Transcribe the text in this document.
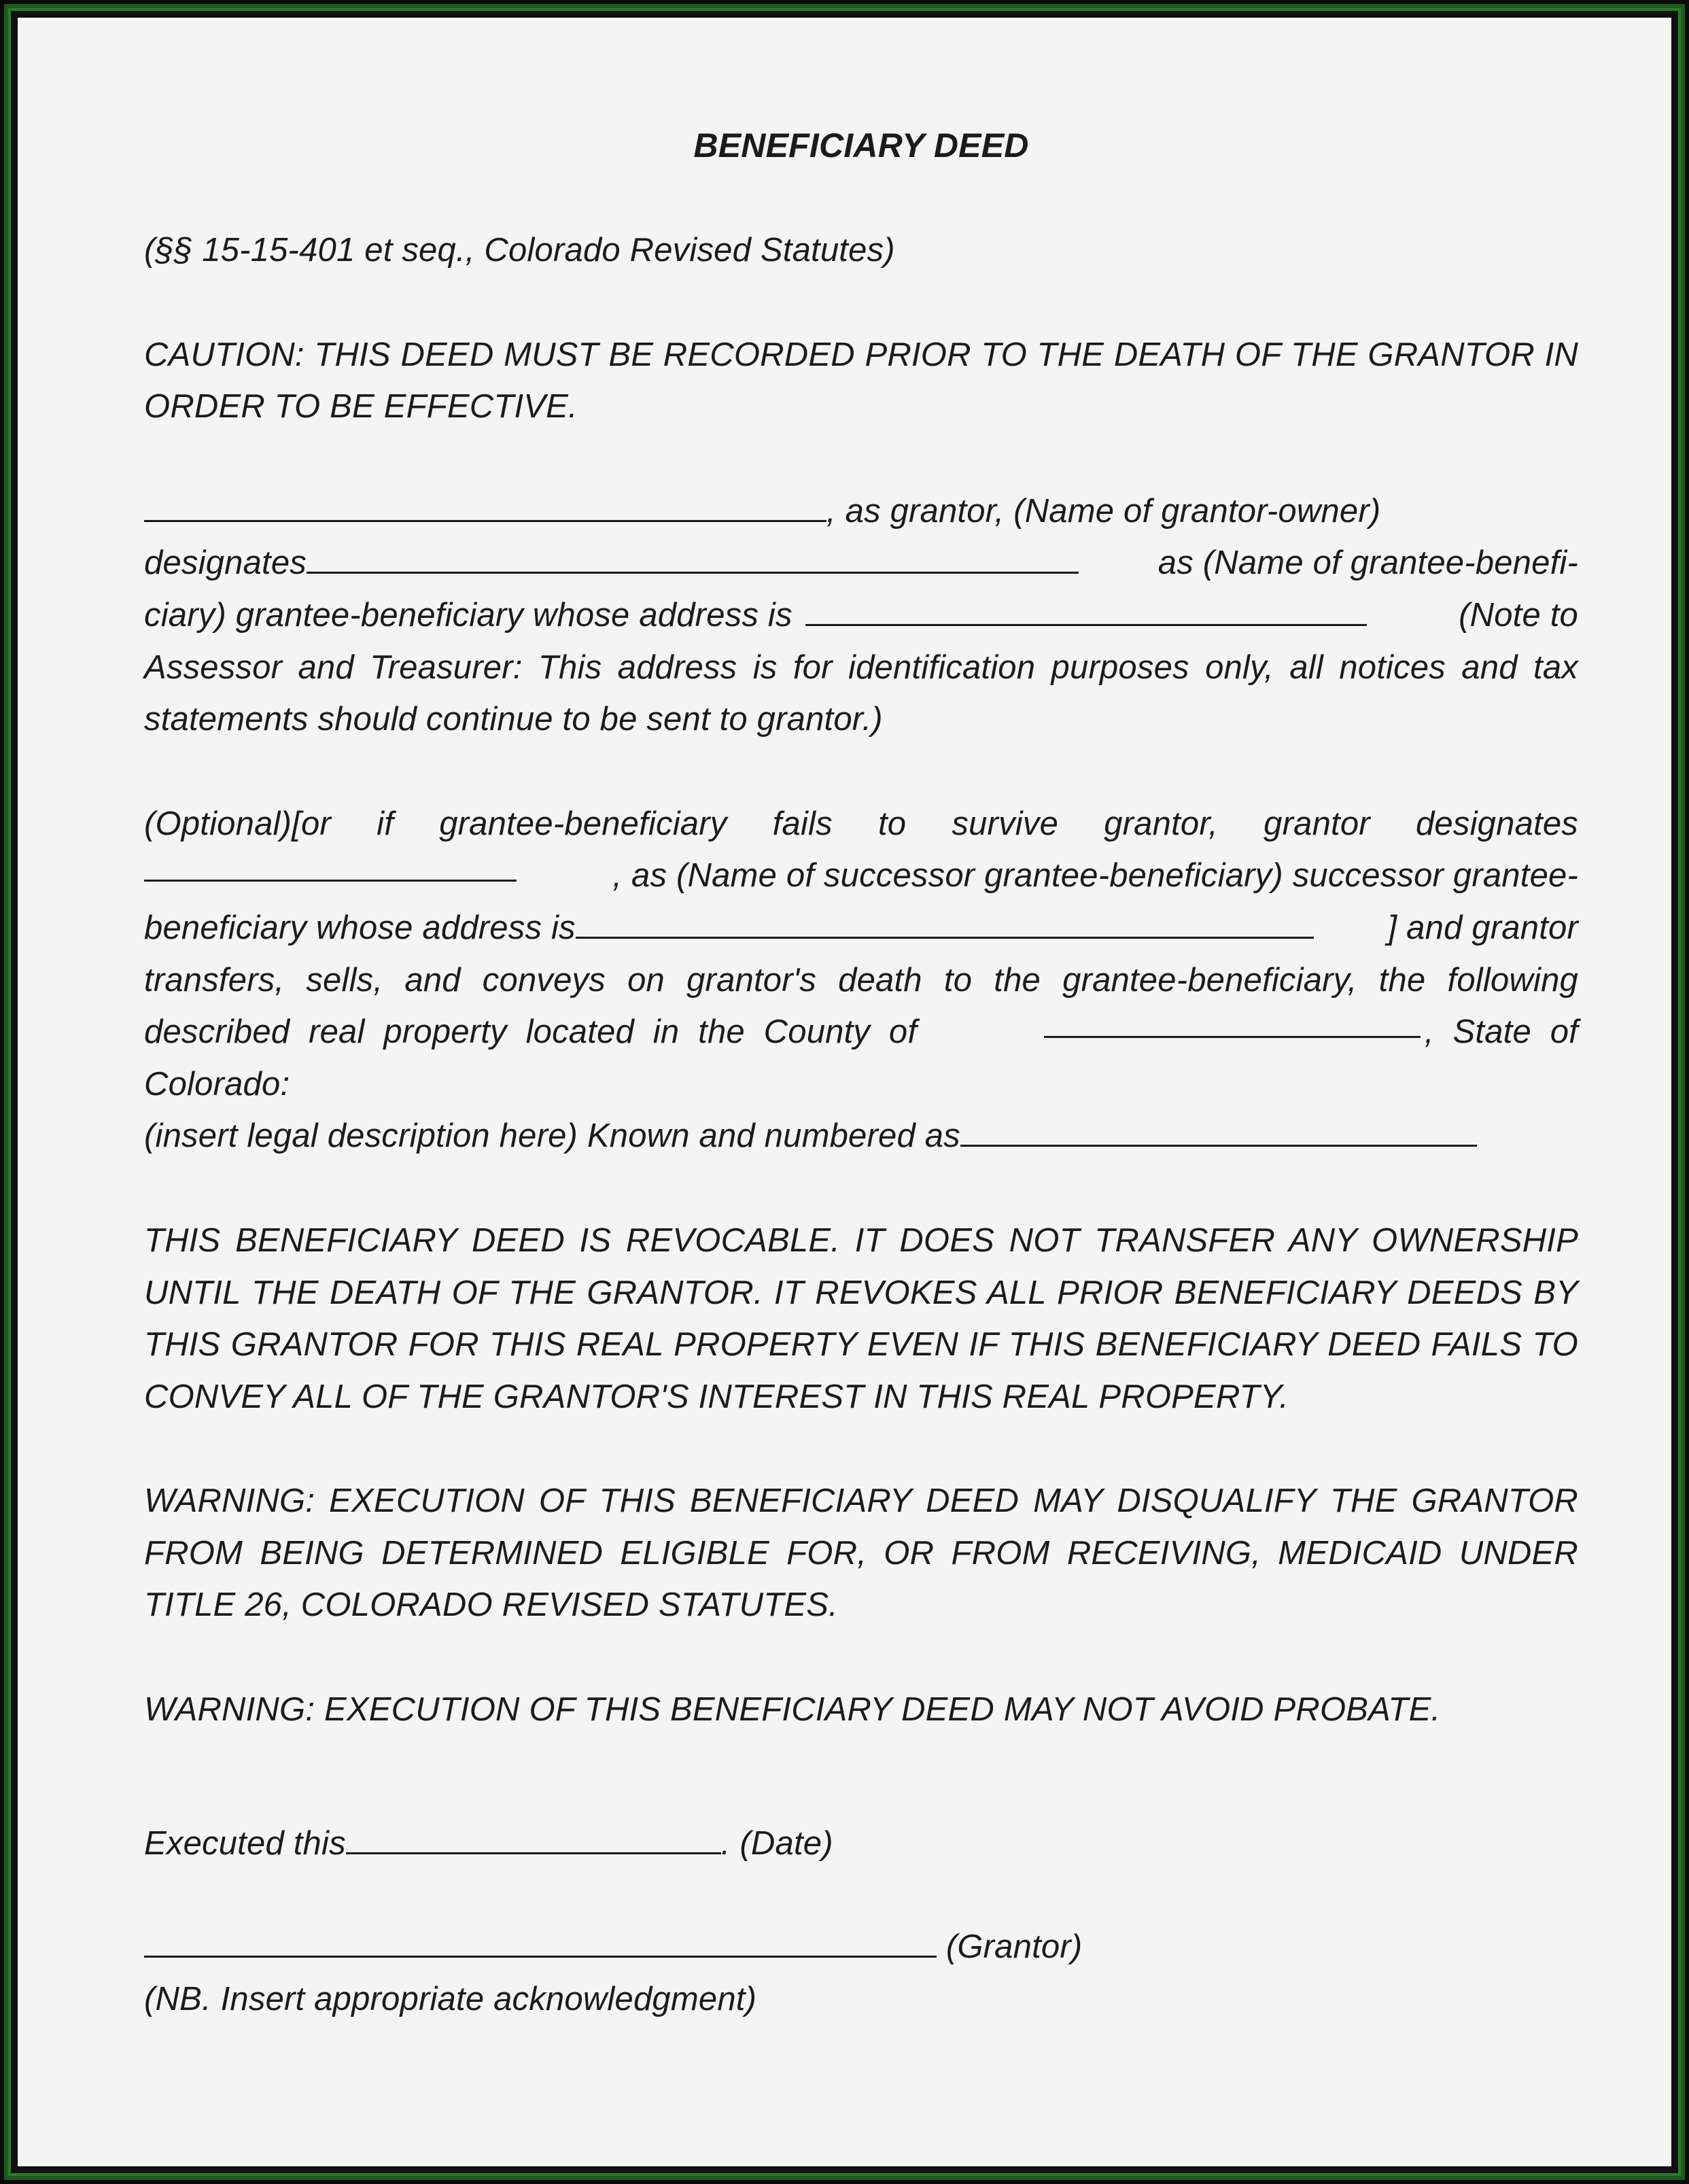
BENEFICIARY DEED

(§§ 15-15-401 et seq., Colorado Revised Statutes)

CAUTION: THIS DEED MUST BE RECORDED PRIOR TO THE DEATH OF THE GRANTOR IN ORDER TO BE EFFECTIVE.

, as grantor, (Name of grantor-owner)
designates	as (Name of grantee-benefi-
ciary) grantee-beneficiary whose address is	(Note to

Assessor and Treasurer: This address is for identification purposes only, all notices and tax statements should continue to be sent to grantor.)

(Optional)[or if grantee-beneficiary fails to survive grantor, grantor designates

, as (Name of successor grantee-beneficiary) successor grantee-
beneficiary whose address is	] and grantor

transfers, sells, and conveys on grantor's death to the grantee-beneficiary, the following

described real property located in the County of	, State of

Colorado:

(insert legal description here) Known and numbered as

THIS BENEFICIARY DEED IS REVOCABLE. IT DOES NOT TRANSFER ANY OWNERSHIP UNTIL THE DEATH OF THE GRANTOR. IT REVOKES ALL PRIOR BENEFICIARY DEEDS BY THIS GRANTOR FOR THIS REAL PROPERTY EVEN IF THIS BENEFICIARY DEED FAILS TO CONVEY ALL OF THE GRANTOR'S INTEREST IN THIS REAL PROPERTY.

WARNING: EXECUTION OF THIS BENEFICIARY DEED MAY DISQUALIFY THE GRANTOR FROM BEING DETERMINED ELIGIBLE FOR, OR FROM RECEIVING, MEDICAID UNDER TITLE 26, COLORADO REVISED STATUTES.

WARNING: EXECUTION OF THIS BENEFICIARY DEED MAY NOT AVOID PROBATE.

Executed this	. (Date)
(Grantor)

(NB. Insert appropriate acknowledgment)
